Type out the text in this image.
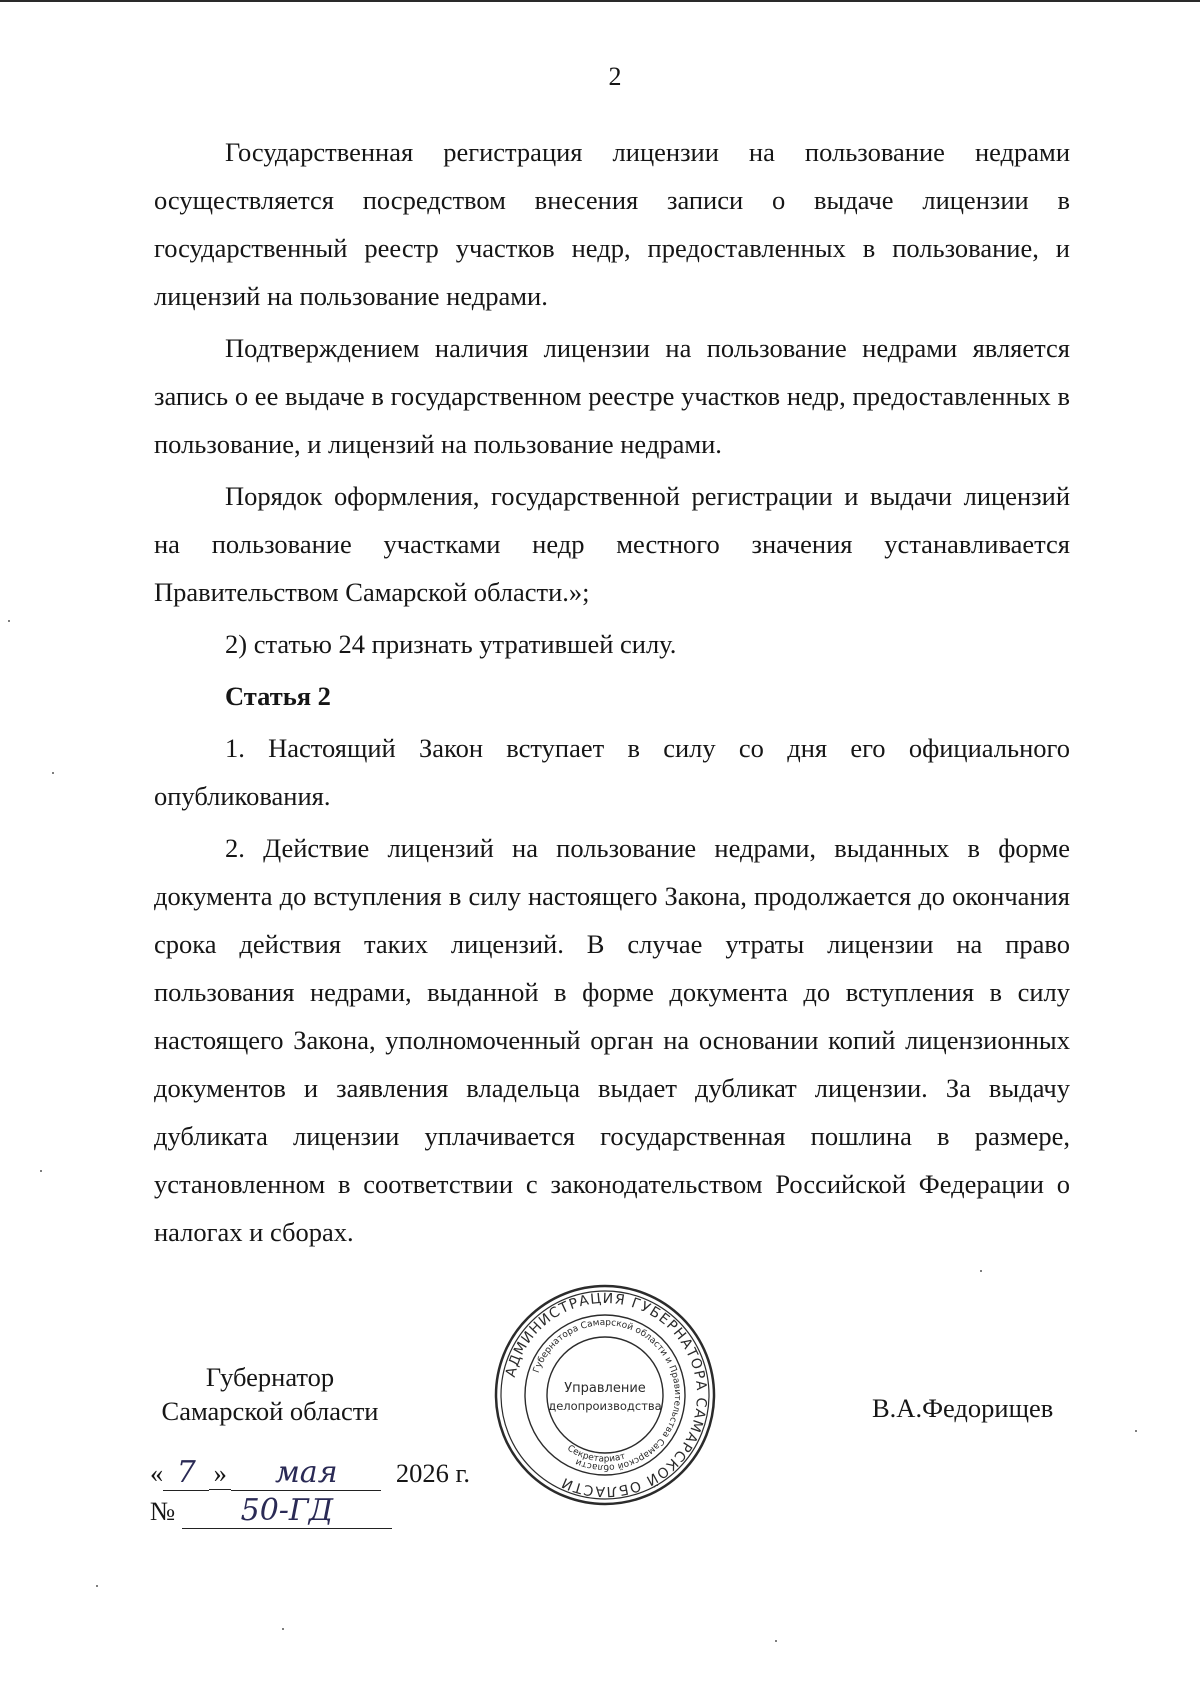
2

Государственная регистрация лицензии на пользование недрами осуществляется посредством внесения записи о выдаче лицензии в государственный реестр участков недр, предоставленных в пользование, и лицензий на пользование недрами.

Подтверждением наличия лицензии на пользование недрами является запись о ее выдаче в государственном реестре участков недр, предоставленных в пользование, и лицензий на пользование недрами.

Порядок оформления, государственной регистрации и выдачи лицензий на пользование участками недр местного значения устанавливается Правительством Самарской области.»;

2) статью 24 признать утратившей силу.

Статья 2

1. Настоящий Закон вступает в силу со дня его официального опубликования.

2. Действие лицензий на пользование недрами, выданных в форме документа до вступления в силу настоящего Закона, продолжается до окончания срока действия таких лицензий. В случае утраты лицензии на право пользования недрами, выданной в форме документа до вступления в силу настоящего Закона, уполномоченный орган на основании копий лицензионных документов и заявления владельца выдает дубликат лицензии. За выдачу дубликата лицензии уплачивается государственная пошлина в размере, установленном в соответствии с законодательством Российской Федерации о налогах и сборах.

Губернатор
Самарской области	В.А.Федорищев
« 7 » мая 2026 г.
№ 50-ГД
АДМИНИСТРАЦИЯ ГУБЕРНАТОРА САМАРСКОЙ ОБЛАСТИ
Губернатора Самарской области и Правительства Самарской области
Секретариат
Управление
делопроизводства
